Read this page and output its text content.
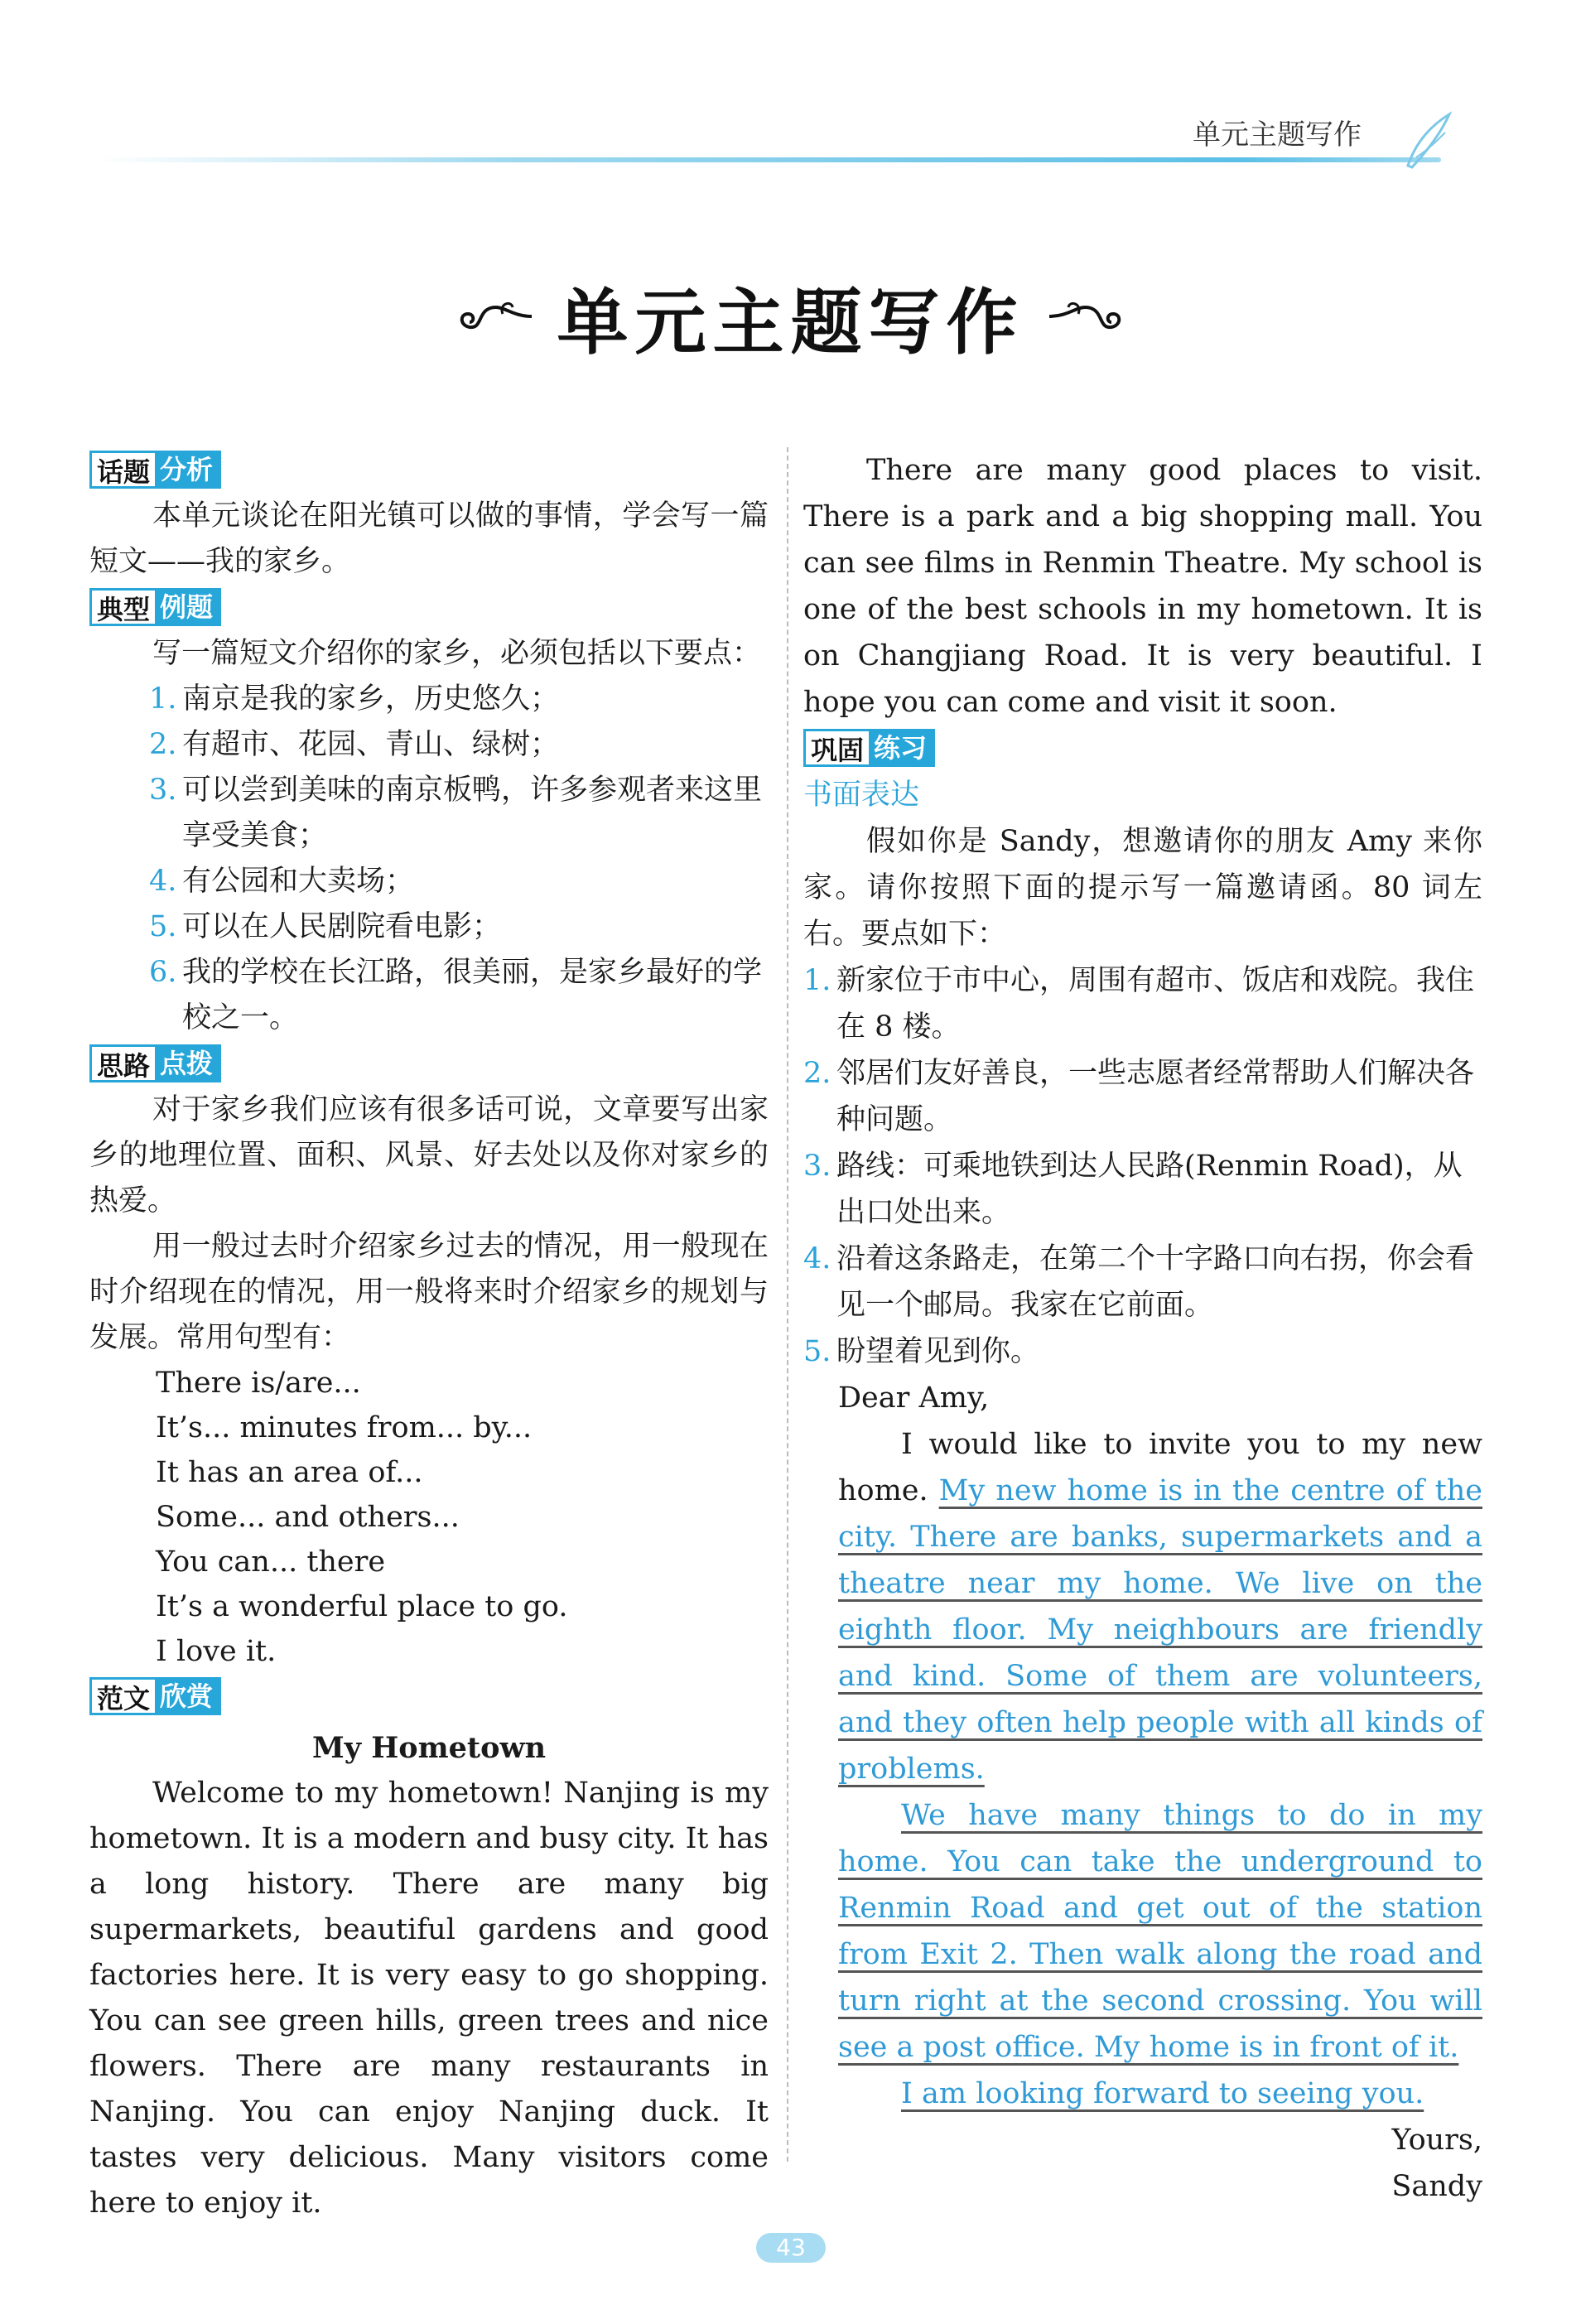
单元主题写作
单元主题写作
话题 分析

本单元谈论在阳光镇可以做的事情，学会写一篇短文——我的家乡。

典型 例题

写一篇短文介绍你的家乡，必须包括以下要点：

1. 南京是我的家乡，历史悠久；
2. 有超市、花园、青山、绿树；
3. 可以尝到美味的南京板鸭，许多参观者来这里享受美食；
4. 有公园和大卖场；
5. 可以在人民剧院看电影；
6. 我的学校在长江路，很美丽，是家乡最好的学校之一。
思路 点拨

对于家乡我们应该有很多话可说，文章要写出家乡的地理位置、面积、风景、好去处以及你对家乡的热爱。

用一般过去时介绍家乡过去的情况，用一般现在时介绍现在的情况，用一般将来时介绍家乡的规划与发展。常用句型有：

There is/are...
It’s... minutes from... by...
It has an area of...
Some... and others...
You can... there
It’s a wonderful place to go.
I love it.
范文 欣赏
My Hometown

Welcome to my hometown! Nanjing is my hometown. It is a modern and busy city. It has a long history. There are many big supermarkets, beautiful gardens and good factories here. It is very easy to go shopping. You can see green hills, green trees and nice flowers. There are many restaurants in Nanjing. You can enjoy Nanjing duck. It tastes very delicious. Many visitors come here to enjoy it.

There are many good places to visit. There is a park and a big shopping mall. You can see films in Renmin Theatre. My school is one of the best schools in my hometown. It is on Changjiang Road. It is very beautiful. I hope you can come and visit it soon.

巩固 练习
书面表达

假如你是 Sandy，想邀请你的朋友 Amy 来你家。请你按照下面的提示写一篇邀请函。80 词左右。要点如下：

1. 新家位于市中心，周围有超市、饭店和戏院。我住在 8 楼。
2. 邻居们友好善良，一些志愿者经常帮助人们解决各种问题。
3. 路线：可乘地铁到达人民路(Renmin Road)，从出口处出来。
4. 沿着这条路走，在第二个十字路口向右拐，你会看见一个邮局。我家在它前面。
5. 盼望着见到你。
Dear Amy,
I would like to invite you to my new home. My new home is in the centre of the city. There are banks, supermarkets and a theatre near my home. We live on the eighth floor. My neighbours are friendly and kind. Some of them are volunteers, and they often help people with all kinds of problems.
We have many things to do in my home. You can take the underground to Renmin Road and get out of the station from Exit 2. Then walk along the road and turn right at the second crossing. You will see a post office. My home is in front of it.
I am looking forward to seeing you.
Yours,
Sandy
43
